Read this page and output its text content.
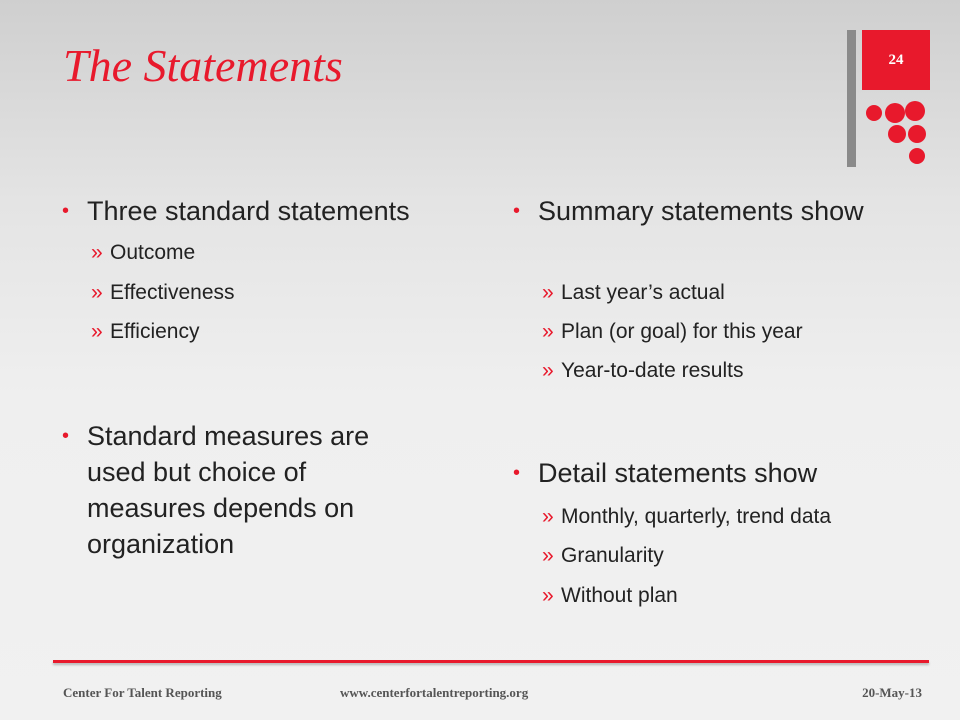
The Statements	24
• Three standard statements
» Outcome
» Effectiveness
» Efficiency
• Standard measures are used but choice of measures depends on organization
• Summary statements show
» Last year’s actual
» Plan (or goal) for this year
» Year-to-date results
• Detail statements show
» Monthly, quarterly, trend data
» Granularity
» Without plan
Center For Talent Reporting	www.centerfortalentreporting.org	20-May-13
